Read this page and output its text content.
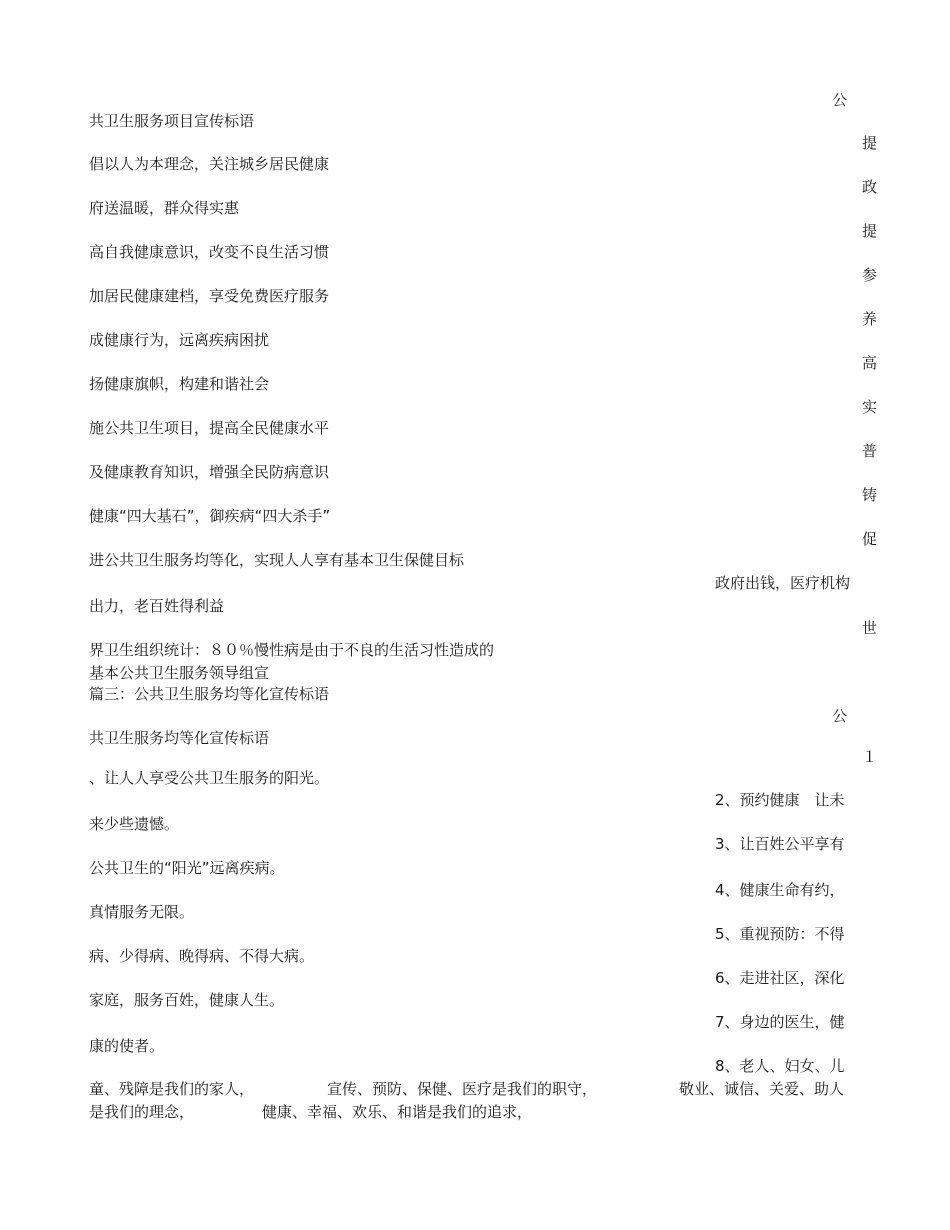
共卫生服务项目宣传标语
倡以人为本理念，关注城乡居民健康
府送温暖，群众得实惠
高自我健康意识，改变不良生活习惯
加居民健康建档，享受免费医疗服务
成健康行为，远离疾病困扰
扬健康旗帜，构建和谐社会
施公共卫生项目，提高全民健康水平
及健康教育知识，增强全民防病意识
健康“四大基石”，御疾病“四大杀手”
进公共卫生服务均等化，实现人人享有基本卫生保健目标
出力，老百姓得利益
界卫生组织统计：８０％慢性病是由于不良的生活习性造成的
基本公共卫生服务领导组宣
篇三：公共卫生服务均等化宣传标语
共卫生服务均等化宣传标语
、让人人享受公共卫生服务的阳光。
来少些遗憾。
公共卫生的“阳光”远离疾病。
真情服务无限。
病、少得病、晚得病、不得大病。
家庭，服务百姓，健康人生。
康的使者。
公
提
政
提
参
养
高
实
普
铸
促
政府出钱，医疗机构
世
公
１
2、预约健康　让未
3、让百姓公平享有
4、健康生命有约，
5、重视预防：不得
6、走进社区，深化
7、身边的医生，健
8、老人、妇女、儿
童、残障是我们的家人，	宣传、预防、保健、医疗是我们的职守，	敬业、诚信、关爱、助人
是我们的理念，	健康、幸福、欢乐、和谐是我们的追求，
